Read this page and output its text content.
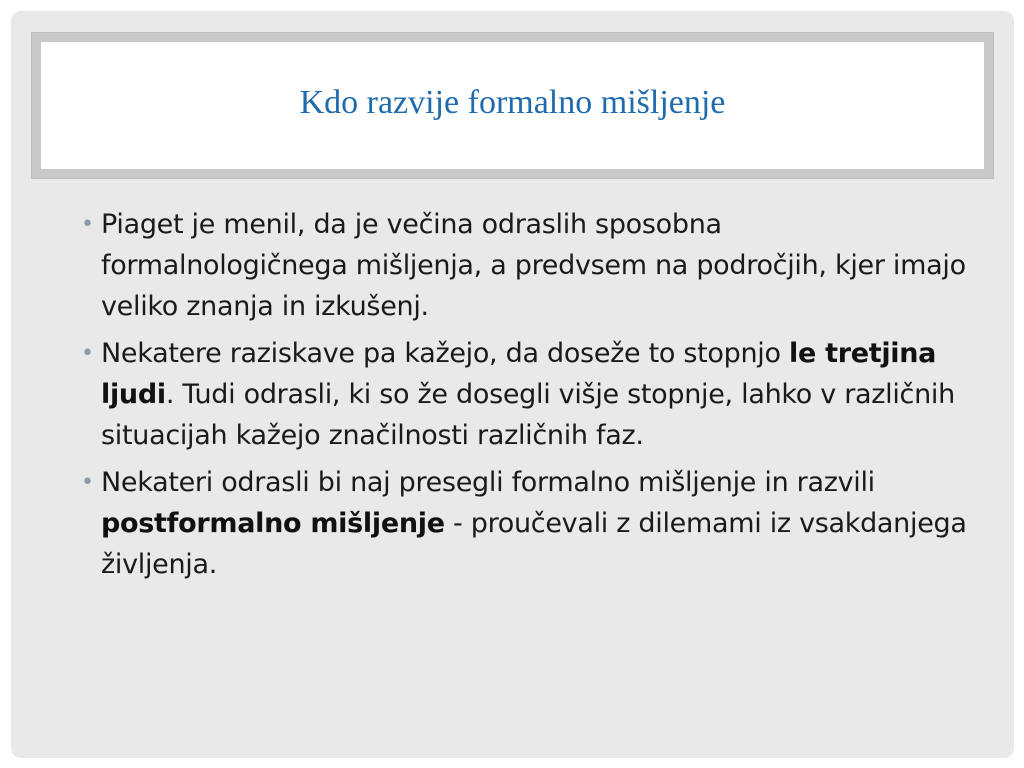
Kdo razvije formalno mišljenje
• Piaget je menil, da je večina odraslih sposobna formalnologičnega mišljenja, a predvsem na področjih, kjer imajo veliko znanja in izkušenj.
• Nekatere raziskave pa kažejo, da doseže to stopnjo le tretjina ljudi. Tudi odrasli, ki so že dosegli višje stopnje, lahko v različnih situacijah kažejo značilnosti različnih faz.
• Nekateri odrasli bi naj presegli formalno mišljenje in razvili postformalno mišljenje - proučevali z dilemami iz vsakdanjega življenja.
